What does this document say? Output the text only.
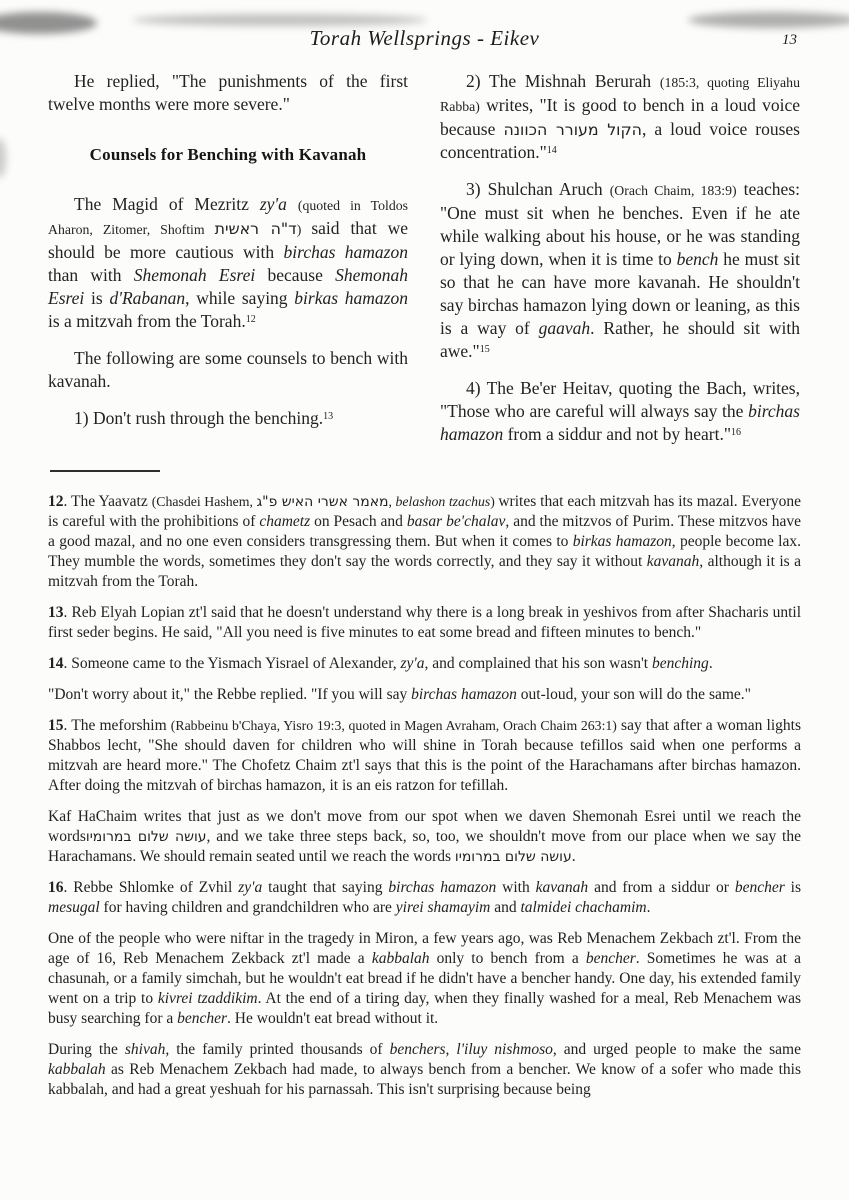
Torah Wellsprings - Eikev	13
He replied, "The punishments of the first twelve months were more severe."
Counsels for Benching with Kavanah
The Magid of Mezritz zy'a (quoted in Toldos Aharon, Zitomer, Shoftim ד"ה ראשית) said that we should be more cautious with birchas hamazon than with Shemonah Esrei because Shemonah Esrei is d'Rabanan, while saying birkas hamazon is a mitzvah from the Torah.$^{12}$
The following are some counsels to bench with kavanah.
1) Don't rush through the benching.$^{13}$
2) The Mishnah Berurah (185:3, quoting Eliyahu Rabba) writes, "It is good to bench in a loud voice because הקול מעורר הכוונה, a loud voice rouses concentration."$^{14}$
3) Shulchan Aruch (Orach Chaim, 183:9) teaches: "One must sit when he benches. Even if he ate while walking about his house, or he was standing or lying down, when it is time to bench he must sit so that he can have more kavanah. He shouldn't say birchas hamazon lying down or leaning, as this is a way of gaavah. Rather, he should sit with awe."$^{15}$
4) The Be'er Heitav, quoting the Bach, writes, "Those who are careful will always say the birchas hamazon from a siddur and not by heart."$^{16}$
12. The Yaavatz (Chasdei Hashem, מאמר אשרי האיש פ"ג, belashon tzachus) writes that each mitzvah has its mazal. Everyone is careful with the prohibitions of chametz on Pesach and basar be'chalav, and the mitzvos of Purim. These mitzvos have a good mazal, and no one even considers transgressing them. But when it comes to birkas hamazon, people become lax. They mumble the words, sometimes they don't say the words correctly, and they say it without kavanah, although it is a mitzvah from the Torah.
13. Reb Elyah Lopian zt'l said that he doesn't understand why there is a long break in yeshivos from after Shacharis until first seder begins. He said, "All you need is five minutes to eat some bread and fifteen minutes to bench."
14. Someone came to the Yismach Yisrael of Alexander, zy'a, and complained that his son wasn't benching.
"Don't worry about it," the Rebbe replied. "If you will say birchas hamazon out-loud, your son will do the same."
15. The meforshim (Rabbeinu b'Chaya, Yisro 19:3, quoted in Magen Avraham, Orach Chaim 263:1) say that after a woman lights Shabbos lecht, "She should daven for children who will shine in Torah because tefillos said when one performs a mitzvah are heard more." The Chofetz Chaim zt'l says that this is the point of the Harachamans after birchas hamazon. After doing the mitzvah of birchas hamazon, it is an eis ratzon for tefillah.
Kaf HaChaim writes that just as we don't move from our spot when we daven Shemonah Esrei until we reach the wordsעושה שלום במרומיו, and we take three steps back, so, too, we shouldn't move from our place when we say the Harachamans. We should remain seated until we reach the words עושה שלום במרומיו.
16. Rebbe Shlomke of Zvhil zy'a taught that saying birchas hamazon with kavanah and from a siddur or bencher is mesugal for having children and grandchildren who are yirei shamayim and talmidei chachamim.
One of the people who were niftar in the tragedy in Miron, a few years ago, was Reb Menachem Zekbach zt'l. From the age of 16, Reb Menachem Zekback zt'l made a kabbalah only to bench from a bencher. Sometimes he was at a chasunah, or a family simchah, but he wouldn't eat bread if he didn't have a bencher handy. One day, his extended family went on a trip to kivrei tzaddikim. At the end of a tiring day, when they finally washed for a meal, Reb Menachem was busy searching for a bencher. He wouldn't eat bread without it.
During the shivah, the family printed thousands of benchers, l'iluy nishmoso, and urged people to make the same kabbalah as Reb Menachem Zekbach had made, to always bench from a bencher. We know of a sofer who made this kabbalah, and had a great yeshuah for his parnassah. This isn't surprising because being
